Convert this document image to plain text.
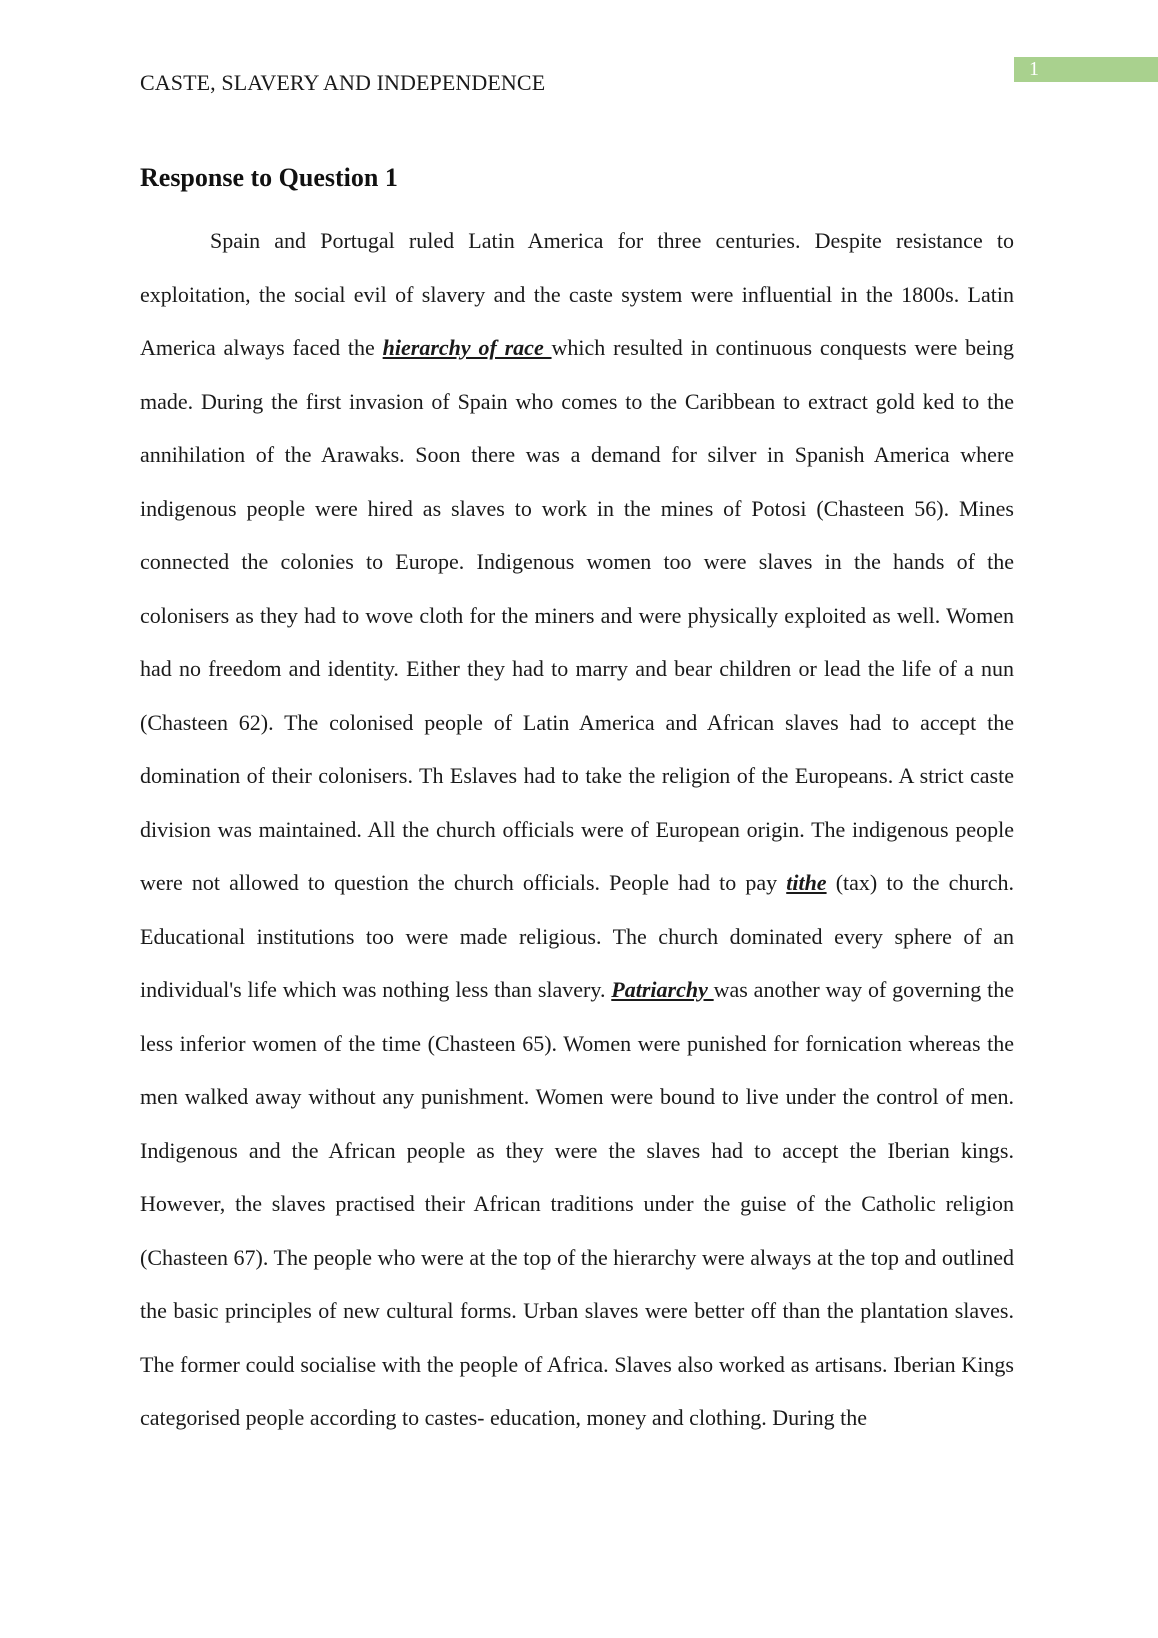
1
CASTE, SLAVERY AND INDEPENDENCE
Response to Question 1

Spain and Portugal ruled Latin America for three centuries. Despite resistance to exploitation, the social evil of slavery and the caste system were influential in the 1800s. Latin America always faced the hierarchy of race which resulted in continuous conquests were being made. During the first invasion of Spain who comes to the Caribbean to extract gold ked to the annihilation of the Arawaks. Soon there was a demand for silver in Spanish America where indigenous people were hired as slaves to work in the mines of Potosi (Chasteen 56). Mines connected the colonies to Europe. Indigenous women too were slaves in the hands of the colonisers as they had to wove cloth for the miners and were physically exploited as well. Women had no freedom and identity. Either they had to marry and bear children or lead the life of a nun (Chasteen 62). The colonised people of Latin America and African slaves had to accept the domination of their colonisers. Th Eslaves had to take the religion of the Europeans. A strict caste division was maintained. All the church officials were of European origin. The indigenous people were not allowed to question the church officials. People had to pay tithe (tax) to the church. Educational institutions too were made religious. The church dominated every sphere of an individual's life which was nothing less than slavery. Patriarchy was another way of governing the less inferior women of the time (Chasteen 65). Women were punished for fornication whereas the men walked away without any punishment. Women were bound to live under the control of men. Indigenous and the African people as they were the slaves had to accept the Iberian kings. However, the slaves practised their African traditions under the guise of the Catholic religion (Chasteen 67). The people who were at the top of the hierarchy were always at the top and outlined the basic principles of new cultural forms. Urban slaves were better off than the plantation slaves. The former could socialise with the people of Africa. Slaves also worked as artisans. Iberian Kings categorised people according to castes- education, money and clothing. During the
